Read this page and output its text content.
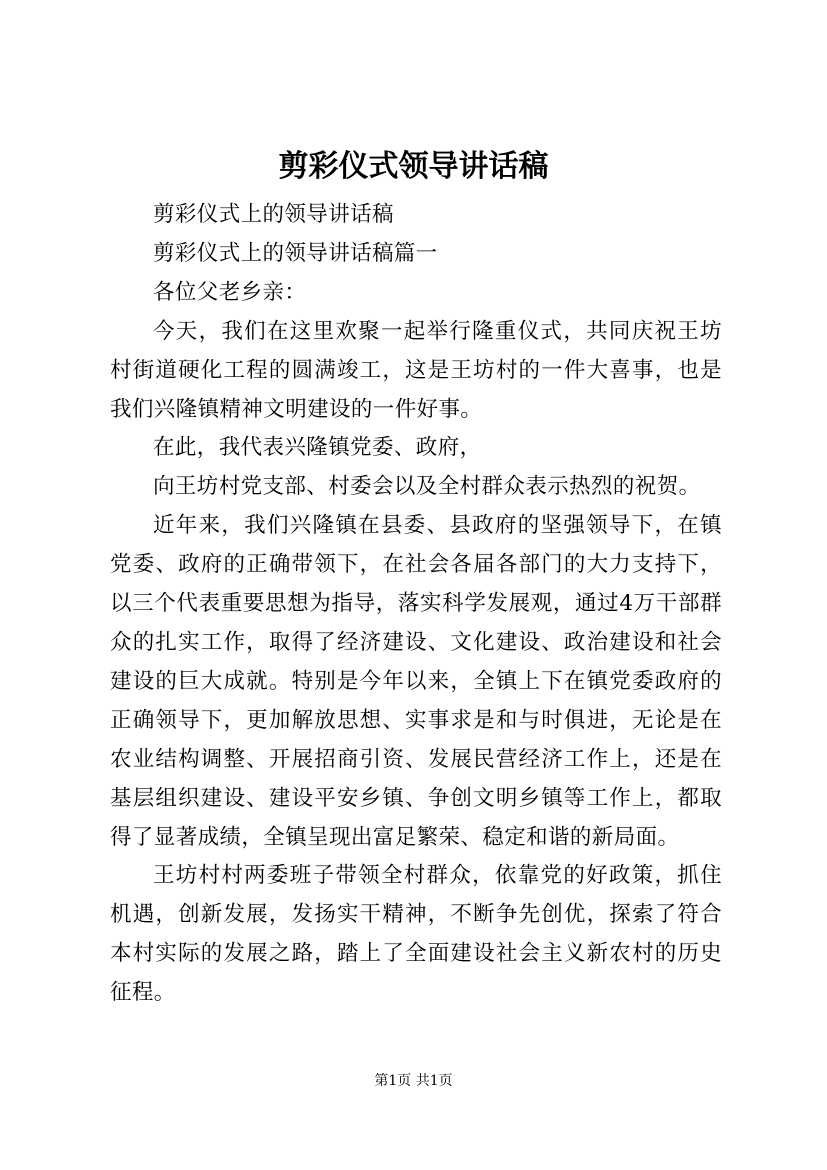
剪彩仪式领导讲话稿

剪彩仪式上的领导讲话稿

剪彩仪式上的领导讲话稿篇一

各位父老乡亲：

今天，我们在这里欢聚一起举行隆重仪式，共同庆祝王坊村街道硬化工程的圆满竣工，这是王坊村的一件大喜事，也是我们兴隆镇精神文明建设的一件好事。

在此，我代表兴隆镇党委、政府，

向王坊村党支部、村委会以及全村群众表示热烈的祝贺。

近年来，我们兴隆镇在县委、县政府的坚强领导下，在镇党委、政府的正确带领下，在社会各届各部门的大力支持下，以三个代表重要思想为指导，落实科学发展观，通过4万干部群众的扎实工作，取得了经济建设、文化建设、政治建设和社会建设的巨大成就。特别是今年以来，全镇上下在镇党委政府的正确领导下，更加解放思想、实事求是和与时俱进，无论是在农业结构调整、开展招商引资、发展民营经济工作上，还是在基层组织建设、建设平安乡镇、争创文明乡镇等工作上，都取得了显著成绩，全镇呈现出富足繁荣、稳定和谐的新局面。

王坊村村两委班子带领全村群众，依靠党的好政策，抓住机遇，创新发展，发扬实干精神，不断争先创优，探索了符合本村实际的发展之路，踏上了全面建设社会主义新农村的历史征程。

第1页 共1页
